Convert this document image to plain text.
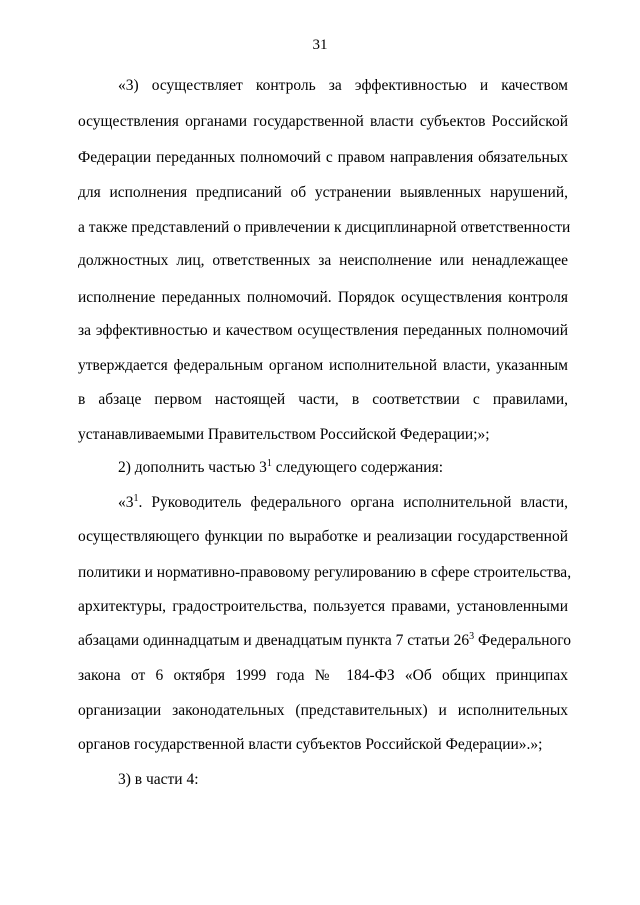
31
«3) осуществляет контроль за эффективностью и качеством
осуществления органами государственной власти субъектов Российской
Федерации переданных полномочий с правом направления обязательных
для исполнения предписаний об устранении выявленных нарушений,
а также представлений о привлечении к дисциплинарной ответственности
должностных лиц, ответственных за неисполнение или ненадлежащее
исполнение переданных полномочий. Порядок осуществления контроля
за эффективностью и качеством осуществления переданных полномочий
утверждается федеральным органом исполнительной власти, указанным
в абзаце первом настоящей части, в соответствии с правилами,
устанавливаемыми Правительством Российской Федерации;»;
2) дополнить частью $3^1$ следующего содержания:
«$3^1$. Руководитель федерального органа исполнительной власти,
осуществляющего функции по выработке и реализации государственной
политики и нормативно-правовому регулированию в сфере строительства,
архитектуры, градостроительства, пользуется правами, установленными
абзацами одиннадцатым и двенадцатым пункта 7 статьи $26^3$ Федерального
закона от 6 октября 1999 года № 184-ФЗ «Об общих принципах
организации законодательных (представительных) и исполнительных
органов государственной власти субъектов Российской Федерации».»;
3) в части 4:
